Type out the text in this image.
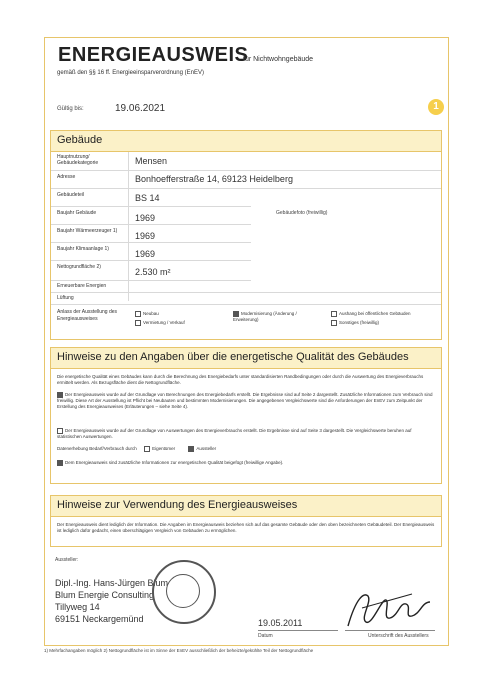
ENERGIEAUSWEIS
für Nichtwohngebäude
gemäß den §§ 16 ff. Energieeinsparverordnung (EnEV)
Gültig bis:	19.06.2021	1
Gebäude
Hauptnutzung/ Gebäudekategorie	Mensen
Adresse	Bonhoefferstraße 14, 69123 Heidelberg
Gebäudeteil	BS 14
Baujahr Gebäude	1969
Baujahr Wärmeerzeuger 1) 1969
Baujahr Klimaanlage 1)	1969
Nettogrundfläche 2)	2.530 m²
Erneuerbare Energien
Lüftung
Anlass der Ausstellung des Energieausweises
Neubau
Vermietung / Verkauf
Modernisierung (Änderung / Erweiterung)
Aushang bei öffentlichen Gebäuden
Sonstiges (freiwillig)
Gebäudefoto (freiwillig)
Hinweise zu den Angaben über die energetische Qualität des Gebäudes
Die energetische Qualität eines Gebäudes kann durch die Berechnung des Energiebedarfs unter standardisierten Randbedingungen oder durch die Auswertung des Energieverbrauchs ermittelt werden. Als Bezugsfläche dient die Nettogrundfläche.
Der Energieausweis wurde auf der Grundlage von Berechnungen des Energiebedarfs erstellt. Die Ergebnisse sind auf Seite 2 dargestellt. Zusätzliche Informationen zum Verbrauch sind freiwillig. Diese Art der Ausstellung ist Pflicht bei Neubauten und bestimmten Modernisierungen. Die angegebenen Vergleichswerte sind die Anforderungen der EnEV zum Zeitpunkt der Erstellung des Energieausweises (Erläuterungen – siehe Seite 4).
Der Energieausweis wurde auf der Grundlage von Auswertungen des Energieverbrauchs erstellt. Die Ergebnisse sind auf Seite 3 dargestellt. Die Vergleichswerte beruhen auf statistischen Auswertungen.
Datenerhebung Bedarf/Verbrauch durch	Eigentümer	Aussteller
Dem Energieausweis sind zusätzliche Informationen zur energetischen Qualität beigefügt (freiwillige Angabe).
Hinweise zur Verwendung des Energieausweises
Der Energieausweis dient lediglich der Information. Die Angaben im Energieausweis beziehen sich auf das gesamte Gebäude oder den oben bezeichneten Gebäudeteil. Der Energieausweis ist lediglich dafür gedacht, einen überschlägigen Vergleich von Gebäuden zu ermöglichen.
Aussteller:
Dipl.-Ing. Hans-Jürgen Blum
Blum Energie Consulting
Tillyweg 14
69151 Neckargemünd	19.05.2011
Datum	Unterschrift des Ausstellers
1) Mehrfachangaben möglich 2) Nettogrundfläche ist im Sinne der EnEV ausschließlich der beheizte/gekühlte Teil der Nettogrundfläche
